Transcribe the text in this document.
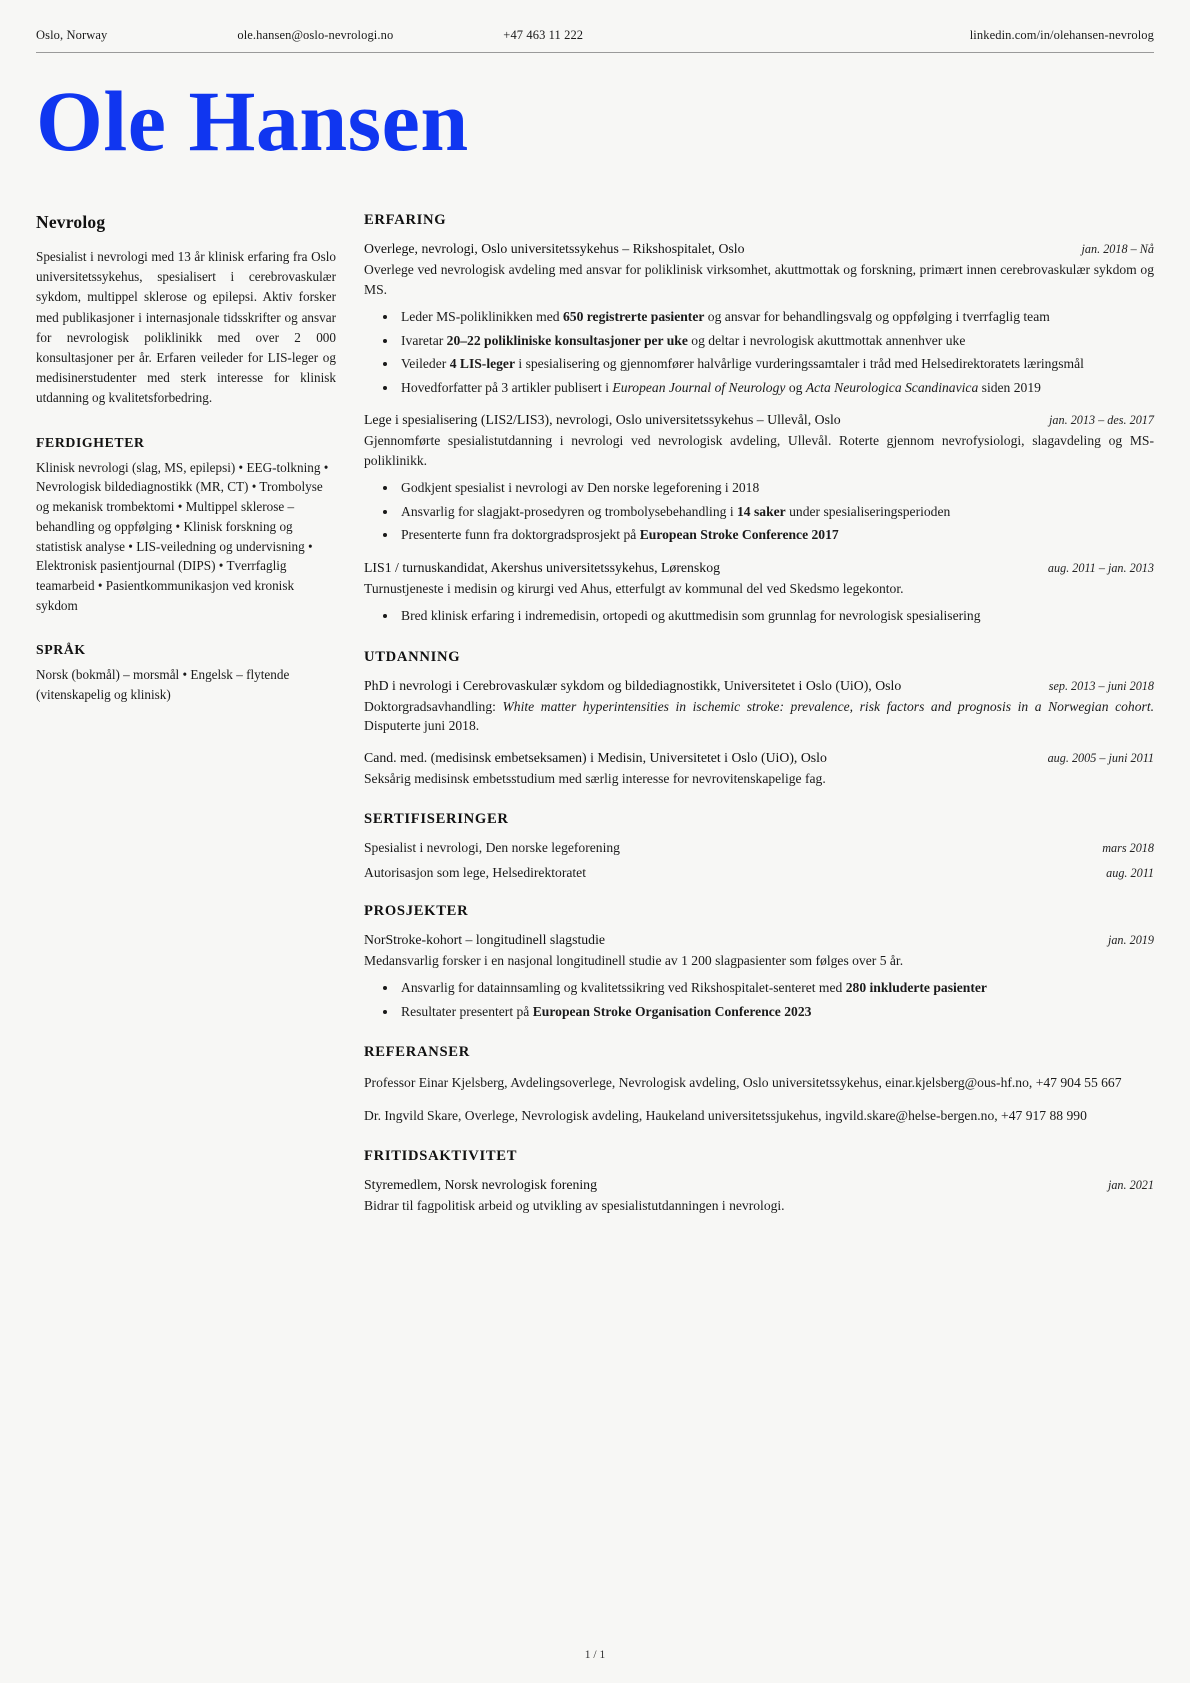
Oslo, Norway	ole.hansen@oslo-nevrologi.no	+47 463 11 222	linkedin.com/in/olehansen-nevrolog
Ole Hansen
Nevrolog

Spesialist i nevrologi med 13 år klinisk erfaring fra Oslo universitetssykehus, spesialisert i cerebrovaskulær sykdom, multippel sklerose og epilepsi. Aktiv forsker med publikasjoner i internasjonale tidsskrifter og ansvar for nevrologisk poliklinikk med over 2 000 konsultasjoner per år. Erfaren veileder for LIS-leger og medisinerstudenter med sterk interesse for klinisk utdanning og kvalitetsforbedring.

FERDIGHETER

Klinisk nevrologi (slag, MS, epilepsi) • EEG-tolkning • Nevrologisk bildediagnostikk (MR, CT) • Trombolyse og mekanisk trombektomi • Multippel sklerose – behandling og oppfølging • Klinisk forskning og statistisk analyse • LIS-veiledning og undervisning • Elektronisk pasientjournal (DIPS) • Tverrfaglig teamarbeid • Pasientkommunikasjon ved kronisk sykdom

SPRÅK

Norsk (bokmål) – morsmål • Engelsk – flytende (vitenskapelig og klinisk)

ERFARING
Overlege, nevrologi, Oslo universitetssykehus – Rikshospitalet, Oslo	jan. 2018 – Nå

Overlege ved nevrologisk avdeling med ansvar for poliklinisk virksomhet, akuttmottak og forskning, primært innen cerebrovaskulær sykdom og MS.

• Leder MS-poliklinikken med 650 registrerte pasienter og ansvar for behandlingsvalg og oppfølging i tverrfaglig team
• Ivaretar 20–22 polikliniske konsultasjoner per uke og deltar i nevrologisk akuttmottak annenhver uke
• Veileder 4 LIS-leger i spesialisering og gjennomfører halvårlige vurderingssamtaler i tråd med Helsedirektoratets læringsmål
• Hovedforfatter på 3 artikler publisert i European Journal of Neurology og Acta Neurologica Scandinavica siden 2019
Lege i spesialisering (LIS2/LIS3), nevrologi, Oslo universitetssykehus – Ullevål, Oslo	jan. 2013 – des. 2017

Gjennomførte spesialistutdanning i nevrologi ved nevrologisk avdeling, Ullevål. Roterte gjennom nevrofysiologi, slagavdeling og MS-poliklinikk.

• Godkjent spesialist i nevrologi av Den norske legeforening i 2018
• Ansvarlig for slagjakt-prosedyren og trombolysebehandling i 14 saker under spesialiseringsperioden
• Presenterte funn fra doktorgradsprosjekt på European Stroke Conference 2017
LIS1 / turnuskandidat, Akershus universitetssykehus, Lørenskog	aug. 2011 – jan. 2013

Turnustjeneste i medisin og kirurgi ved Ahus, etterfulgt av kommunal del ved Skedsmo legekontor.

• Bred klinisk erfaring i indremedisin, ortopedi og akuttmedisin som grunnlag for nevrologisk spesialisering
UTDANNING
PhD i nevrologi i Cerebrovaskulær sykdom og bildediagnostikk, Universitetet i Oslo (UiO), Oslo	sep. 2013 – juni 2018

Doktorgradsavhandling: White matter hyperintensities in ischemic stroke: prevalence, risk factors and prognosis in a Norwegian cohort. Disputerte juni 2018.

Cand. med. (medisinsk embetseksamen) i Medisin, Universitetet i Oslo (UiO), Oslo	aug. 2005 – juni 2011

Seksårig medisinsk embetsstudium med særlig interesse for nevrovitenskapelige fag.

SERTIFISERINGER
Spesialist i nevrologi, Den norske legeforening	mars 2018
Autorisasjon som lege, Helsedirektoratet	aug. 2011
PROSJEKTER
NorStroke-kohort – longitudinell slagstudie	jan. 2019

Medansvarlig forsker i en nasjonal longitudinell studie av 1 200 slagpasienter som følges over 5 år.

• Ansvarlig for datainnsamling og kvalitetssikring ved Rikshospitalet-senteret med 280 inkluderte pasienter
• Resultater presentert på European Stroke Organisation Conference 2023
REFERANSER
Professor Einar Kjelsberg, Avdelingsoverlege, Nevrologisk avdeling, Oslo universitetssykehus, einar.kjelsberg@ous-hf.no, +47 904 55 667
Dr. Ingvild Skare, Overlege, Nevrologisk avdeling, Haukeland universitetssjukehus, ingvild.skare@helse-bergen.no, +47 917 88 990
FRITIDSAKTIVITET
Styremedlem, Norsk nevrologisk forening	jan. 2021

Bidrar til fagpolitisk arbeid og utvikling av spesialistutdanningen i nevrologi.

1 / 1
